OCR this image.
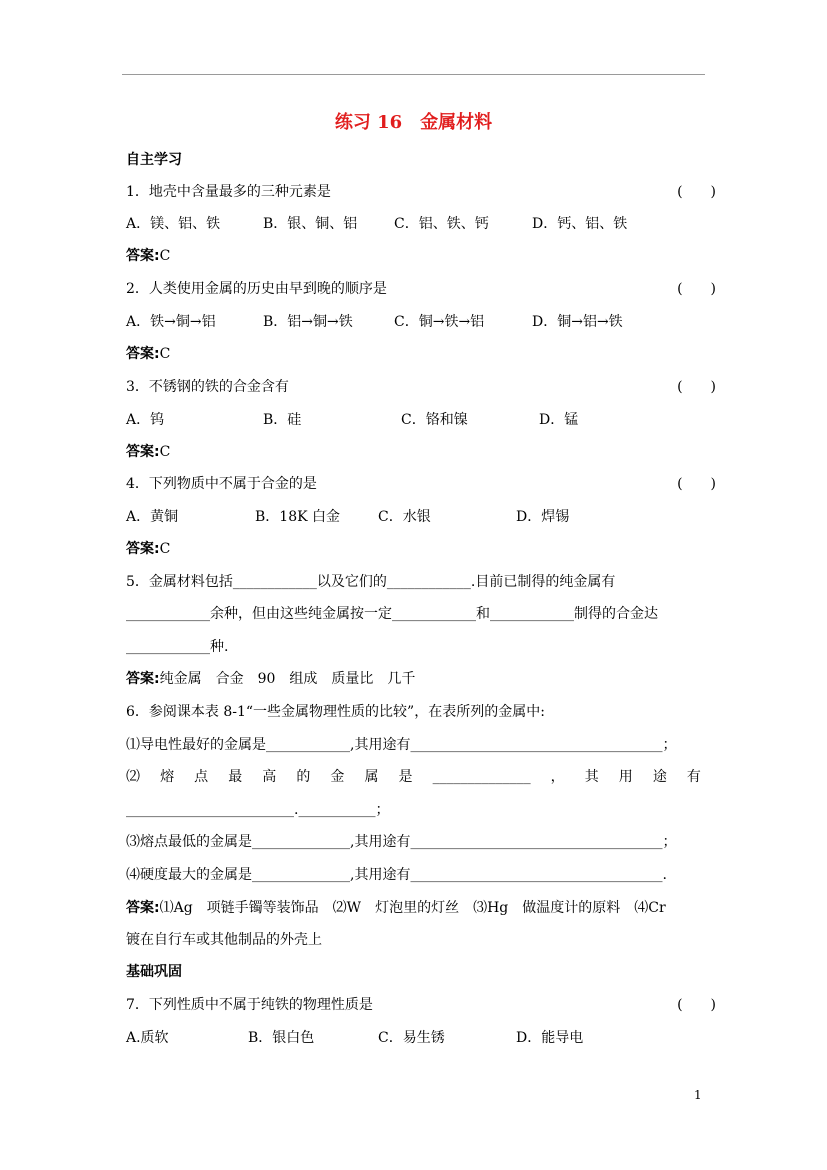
练习 16　金属材料
自主学习
1．地壳中含量最多的三种元素是	(　　)
A．镁、铝、铁	B．银、铜、铝	C．铝、铁、钙	D．钙、铝、铁
答案:C
2．人类使用金属的历史由早到晚的顺序是	(　　)
A．铁→铜→铝	B．铝→铜→铁	C．铜→铁→铝	D．铜→铝→铁
答案:C
3．不锈钢的铁的合金含有	(　　)
A．钨	B．硅	C．铬和镍	D．锰
答案:C
4．下列物质中不属于合金的是	(　　)
A．黄铜	B．18K 白金	C．水银	D．焊锡
答案:C
5．金属材料包括____________以及它们的____________.目前已制得的纯金属有
____________余种，但由这些纯金属按一定____________和____________制得的合金达
____________种.
答案:纯金属　合金　90　组成　质量比　几千
6．参阅课本表 8-1“一些金属物理性质的比较”，在表所列的金属中:
⑴导电性最好的金属是____________,其用途有____________________________________；
⑵ 熔 点 最 高 的 金 属 是 ______________ ， 其 用 途 有
________________________.___________；
⑶熔点最低的金属是______________,其用途有____________________________________；
⑷硬度最大的金属是______________,其用途有____________________________________.
答案:⑴Ag　项链手镯等装饰品　⑵W　灯泡里的灯丝　⑶Hg　做温度计的原料　⑷Cr
镀在自行车或其他制品的外壳上
基础巩固
7．下列性质中不属于纯铁的物理性质是	(　　)
A.质软	B．银白色	C．易生锈	D．能导电
1
